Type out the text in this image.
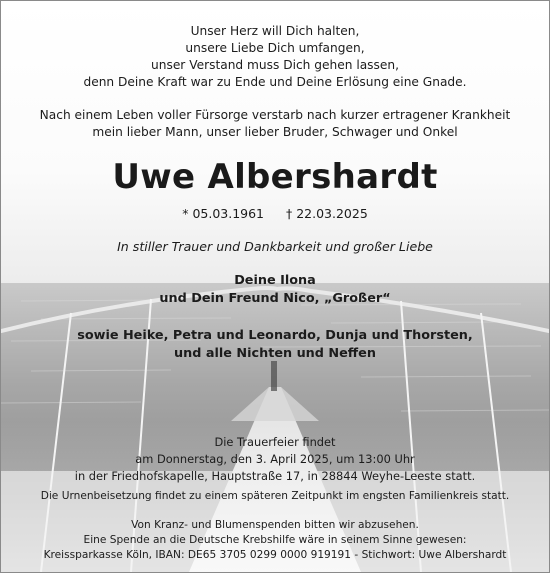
Unser Herz will Dich halten,
unsere Liebe Dich umfangen,
unser Verstand muss Dich gehen lassen,
denn Deine Kraft war zu Ende und Deine Erlösung eine Gnade.
Nach einem Leben voller Fürsorge verstarb nach kurzer ertragener Krankheit
mein lieber Mann, unser lieber Bruder, Schwager und Onkel
Uwe Albershardt
* 05.03.1961 † 22.03.2025
In stiller Trauer und Dankbarkeit und großer Liebe
Deine Ilona
und Dein Freund Nico, „Großer“
sowie Heike, Petra und Leonardo, Dunja und Thorsten,
und alle Nichten und Neffen
Die Trauerfeier findet
am Donnerstag, den 3. April 2025, um 13:00 Uhr
in der Friedhofskapelle, Hauptstraße 17, in 28844 Weyhe-Leeste statt.
Die Urnenbeisetzung findet zu einem späteren Zeitpunkt im engsten Familienkreis statt.
Von Kranz- und Blumenspenden bitten wir abzusehen.
Eine Spende an die Deutsche Krebshilfe wäre in seinem Sinne gewesen:
Kreissparkasse Köln, IBAN: DE65 3705 0299 0000 919191 - Stichwort: Uwe Albershardt
